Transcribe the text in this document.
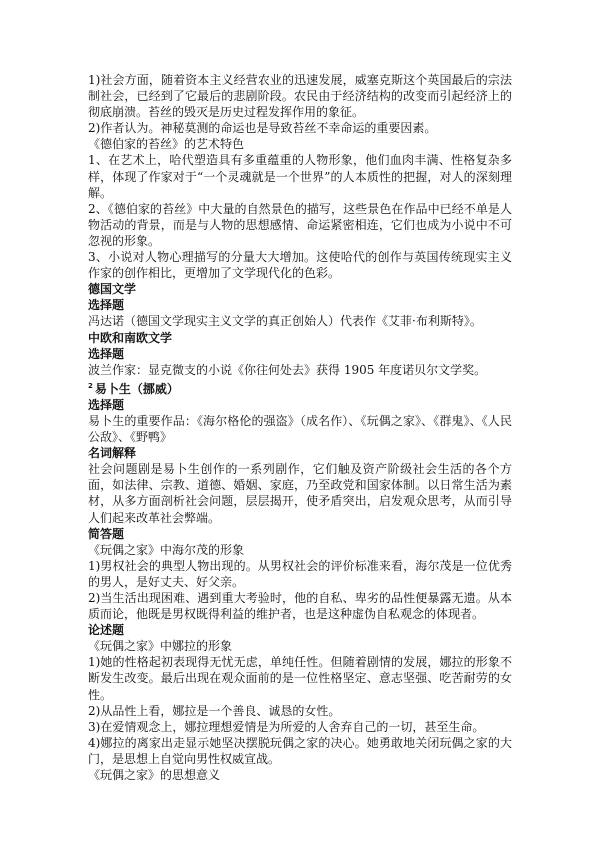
1)社会方面，随着资本主义经营农业的迅速发展，威塞克斯这个英国最后的宗法制社会，已经到了它最后的悲剧阶段。农民由于经济结构的改变而引起经济上的彻底崩溃。苔丝的毁灭是历史过程发挥作用的象征。

2)作者认为。神秘莫测的命运也是导致苔丝不幸命运的重要因素。

《德伯家的苔丝》的艺术特色

1、在艺术上，哈代塑造具有多重蕴重的人物形象，他们血肉丰满、性格复杂多样，体现了作家对于“一个灵魂就是一个世界”的人本质性的把握，对人的深刻理解。

2、《德伯家的苔丝》中大量的自然景色的描写，这些景色在作品中已经不单是人物活动的背景，而是与人物的思想感情、命运紧密相连，它们也成为小说中不可忽视的形象。

3、小说对人物心理描写的分量大大增加。这使哈代的创作与英国传统现实主义作家的创作相比，更增加了文学现代化的色彩。

德国文学
选择题

冯达诺（德国文学现实主义文学的真正创始人）代表作《艾菲·布利斯特》。

中欧和南欧文学
选择题

波兰作家：显克微支的小说《你往何处去》获得 1905 年度诺贝尔文学奖。

$^2$ 易卜生（挪威）
选择题

易卜生的重要作品：《海尔格伦的强盗》（成名作）、《玩偶之家》、《群鬼》、《人民公敌》、《野鸭》

名词解释

社会问题剧是易卜生创作的一系列剧作，它们触及资产阶级社会生活的各个方面，如法律、宗教、道德、婚姻、家庭，乃至政党和国家体制。以日常生活为素材，从多方面剖析社会问题，层层揭开，使矛盾突出，启发观众思考，从而引导人们起来改革社会弊端。

简答题

《玩偶之家》中海尔茂的形象

1)男权社会的典型人物出现的。从男权社会的评价标准来看，海尔茂是一位优秀的男人，是好丈夫、好父亲。

2)当生活出现困难、遇到重大考验时，他的自私、卑劣的品性便暴露无遗。从本质而论，他既是男权既得利益的维护者，也是这种虚伪自私观念的体现者。

论述题

《玩偶之家》中娜拉的形象

1)她的性格起初表现得无忧无虑，单纯任性。但随着剧情的发展，娜拉的形象不断发生改变。最后出现在观众面前的是一位性格坚定、意志坚强、吃苦耐劳的女性。

2)从品性上看，娜拉是一个善良、诚恳的女性。

3)在爱情观念上，娜拉理想爱情是为所爱的人舍弃自己的一切，甚至生命。

4)娜拉的离家出走显示她坚决摆脱玩偶之家的决心。她勇敢地关闭玩偶之家的大门，是思想上自觉向男性权威宣战。

《玩偶之家》的思想意义
